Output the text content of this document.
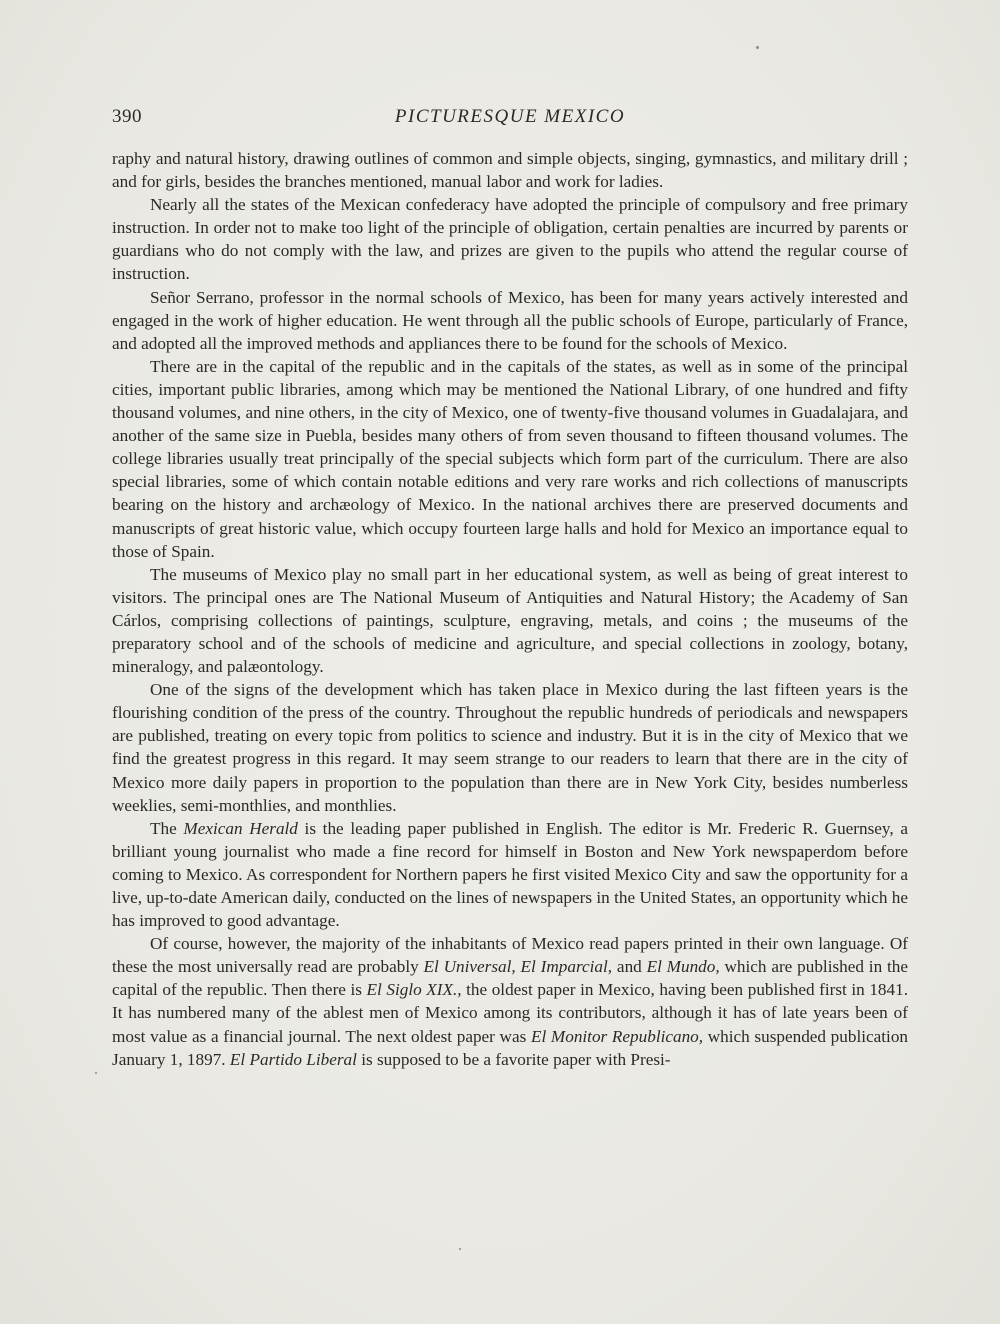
390	PICTURESQUE MEXICO

raphy and natural history, drawing outlines of common and simple objects, singing, gymnastics, and military drill ; and for girls, besides the branches mentioned, manual labor and work for ladies.

Nearly all the states of the Mexican confederacy have adopted the principle of compulsory and free primary instruction. In order not to make too light of the principle of obligation, certain penalties are incurred by parents or guardians who do not comply with the law, and prizes are given to the pupils who attend the regular course of instruction.

Señor Serrano, professor in the normal schools of Mexico, has been for many years actively interested and engaged in the work of higher education. He went through all the public schools of Europe, particularly of France, and adopted all the improved methods and appliances there to be found for the schools of Mexico.

There are in the capital of the republic and in the capitals of the states, as well as in some of the principal cities, important public libraries, among which may be mentioned the National Library, of one hundred and fifty thousand volumes, and nine others, in the city of Mexico, one of twenty-five thousand volumes in Guadalajara, and another of the same size in Puebla, besides many others of from seven thousand to fifteen thousand volumes. The college libraries usually treat principally of the special subjects which form part of the curriculum. There are also special libraries, some of which contain notable editions and very rare works and rich collections of manuscripts bearing on the history and archæology of Mexico. In the national archives there are preserved documents and manuscripts of great historic value, which occupy fourteen large halls and hold for Mexico an importance equal to those of Spain.

The museums of Mexico play no small part in her educational system, as well as being of great interest to visitors. The principal ones are The National Museum of Antiquities and Natural History; the Academy of San Cárlos, comprising collections of paintings, sculpture, engraving, metals, and coins ; the museums of the preparatory school and of the schools of medicine and agriculture, and special collections in zoology, botany, mineralogy, and palæontology.

One of the signs of the development which has taken place in Mexico during the last fifteen years is the flourishing condition of the press of the country. Throughout the republic hundreds of periodicals and newspapers are published, treating on every topic from politics to science and industry. But it is in the city of Mexico that we find the greatest progress in this regard. It may seem strange to our readers to learn that there are in the city of Mexico more daily papers in proportion to the population than there are in New York City, besides numberless weeklies, semi-monthlies, and monthlies.

The Mexican Herald is the leading paper published in English. The editor is Mr. Frederic R. Guernsey, a brilliant young journalist who made a fine record for himself in Boston and New York newspaperdom before coming to Mexico. As correspondent for Northern papers he first visited Mexico City and saw the opportunity for a live, up-to-date American daily, conducted on the lines of newspapers in the United States, an opportunity which he has improved to good advantage.

Of course, however, the majority of the inhabitants of Mexico read papers printed in their own language. Of these the most universally read are probably El Universal, El Imparcial, and El Mundo, which are published in the capital of the republic. Then there is El Siglo XIX., the oldest paper in Mexico, having been published first in 1841. It has numbered many of the ablest men of Mexico among its contributors, although it has of late years been of most value as a financial journal. The next oldest paper was El Monitor Republicano, which suspended publication January 1, 1897. El Partido Liberal is supposed to be a favorite paper with Presi-
